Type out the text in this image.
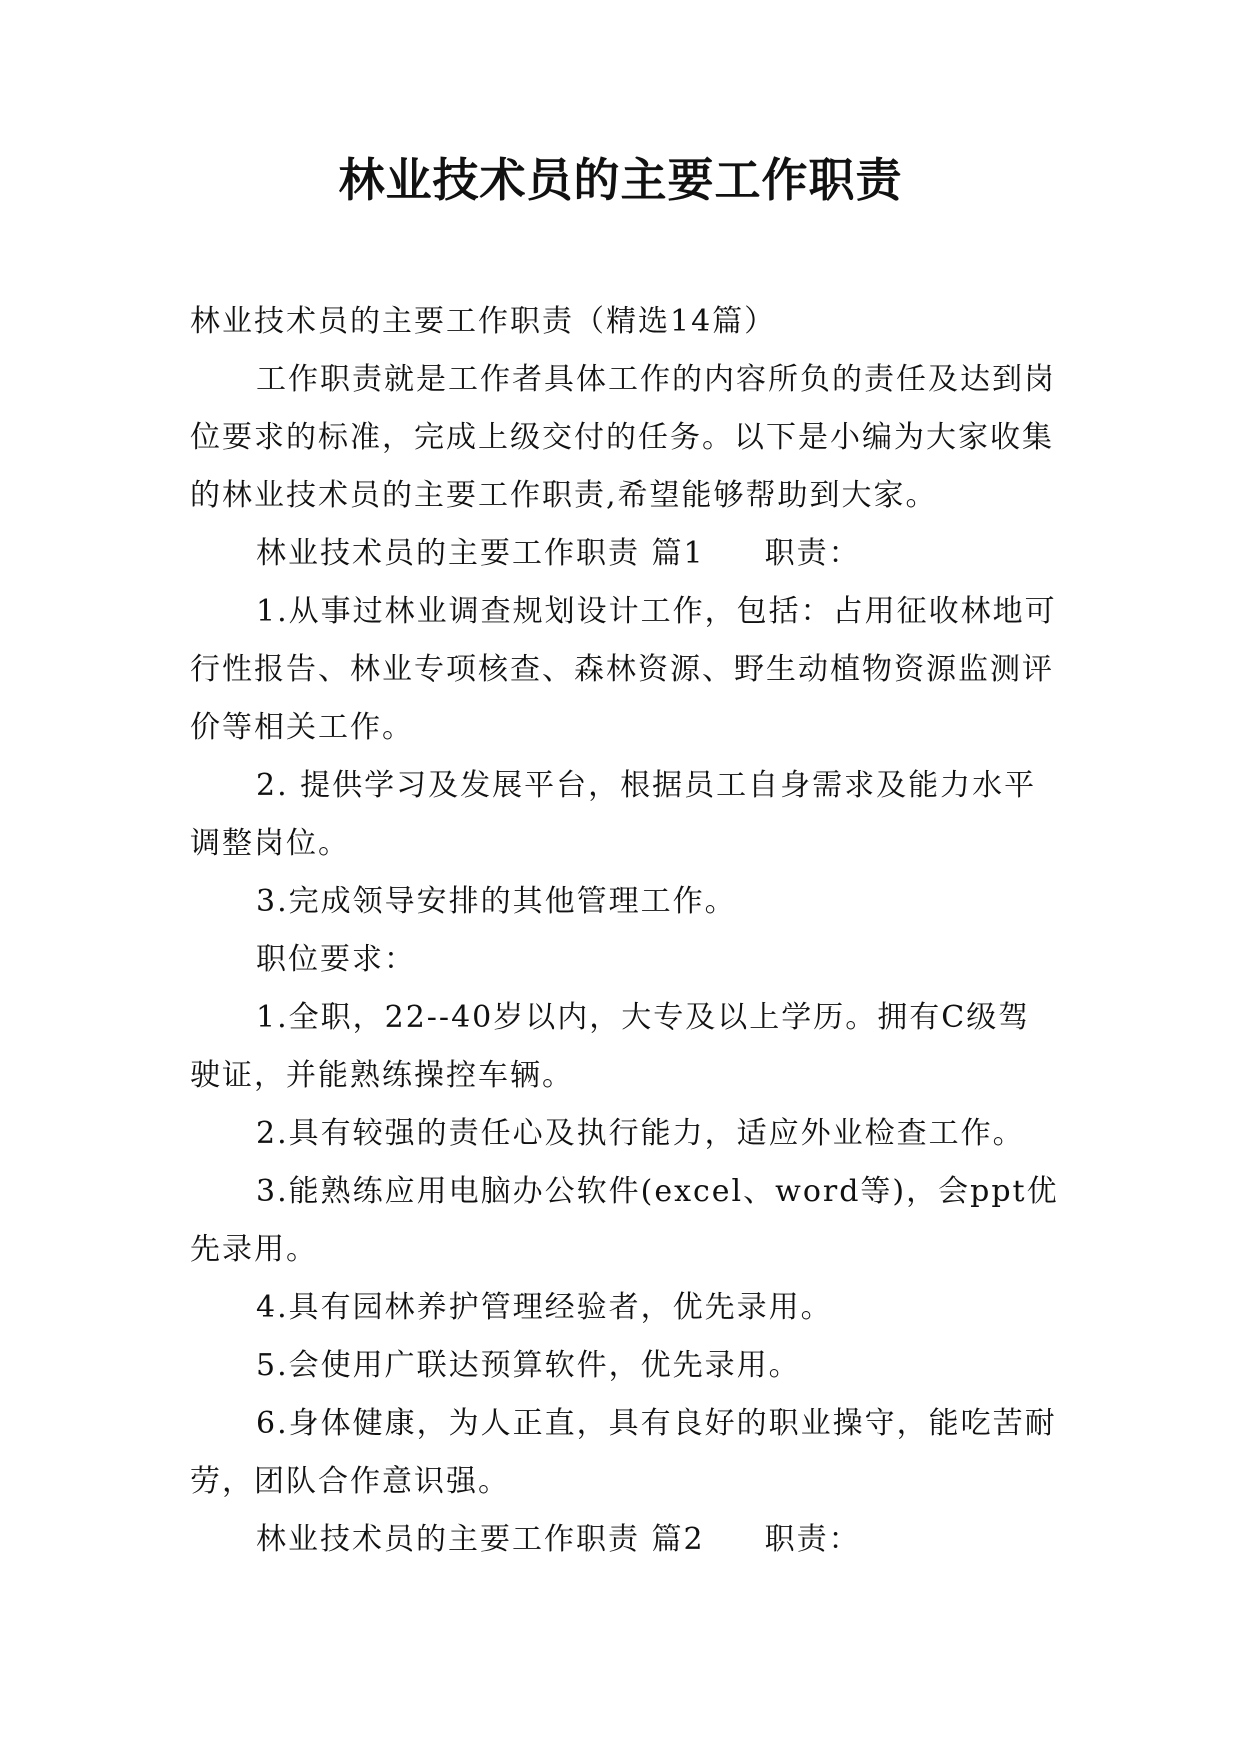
林业技术员的主要工作职责

林业技术员的主要工作职责（精选14篇）

工作职责就是工作者具体工作的内容所负的责任及达到岗位要求的标准，完成上级交付的任务。以下是小编为大家收集的林业技术员的主要工作职责,希望能够帮助到大家。

林业技术员的主要工作职责 篇1 职责：

1.从事过林业调查规划设计工作，包括：占用征收林地可行性报告、林业专项核查、森林资源、野生动植物资源监测评价等相关工作。

2. 提供学习及发展平台，根据员工自身需求及能力水平调整岗位。

3.完成领导安排的其他管理工作。

职位要求：

1.全职，22--40岁以内，大专及以上学历。拥有C级驾驶证，并能熟练操控车辆。

2.具有较强的责任心及执行能力，适应外业检查工作。

3.能熟练应用电脑办公软件(excel、word等)，会ppt优先录用。

4.具有园林养护管理经验者，优先录用。

5.会使用广联达预算软件，优先录用。

6.身体健康，为人正直，具有良好的职业操守，能吃苦耐劳，团队合作意识强。

林业技术员的主要工作职责 篇2 职责：
